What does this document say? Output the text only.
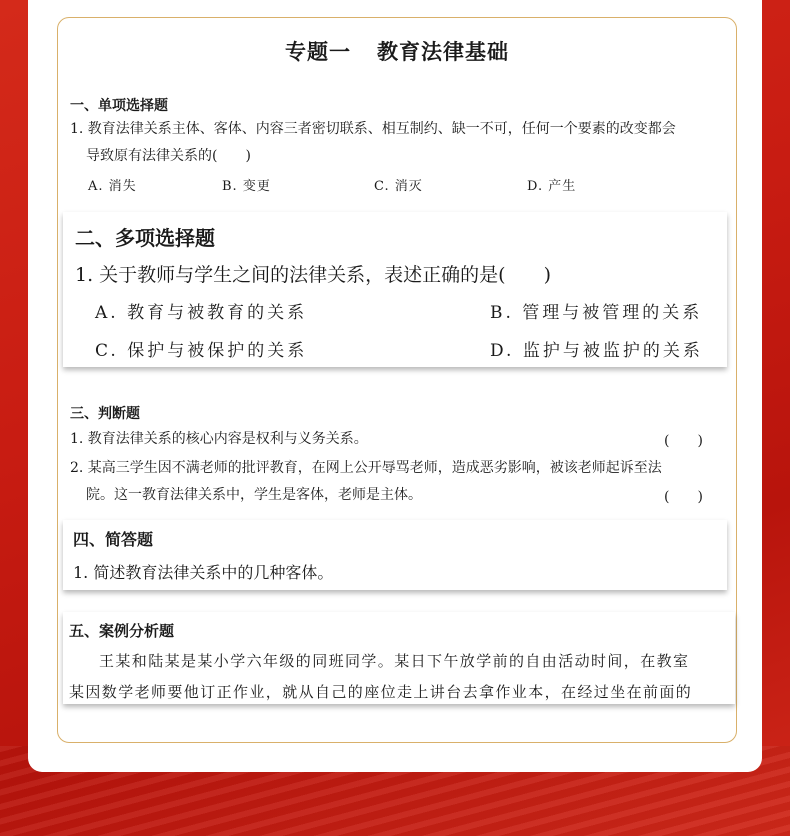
专题一 教育法律基础
一、单项选择题
1. 教育法律关系主体、客体、内容三者密切联系、相互制约、缺一不可，任何一个要素的改变都会
导致原有法律关系的(　　)
A. 消失	B. 变更	C. 消灭	D. 产生
二、多项选择题
1. 关于教师与学生之间的法律关系，表述正确的是(　　)
A. 教育与被教育的关系	B. 管理与被管理的关系
C. 保护与被保护的关系	D. 监护与被监护的关系
三、判断题
1. 教育法律关系的核心内容是权利与义务关系。	(　　)
2. 某高三学生因不满老师的批评教育，在网上公开辱骂老师，造成恶劣影响，被该老师起诉至法
院。这一教育法律关系中，学生是客体，老师是主体。	(　　)
四、简答题
1. 简述教育法律关系中的几种客体。
五、案例分析题
王某和陆某是某小学六年级的同班同学。某日下午放学前的自由活动时间，在教室
某因数学老师要他订正作业，就从自己的座位走上讲台去拿作业本，在经过坐在前面的
